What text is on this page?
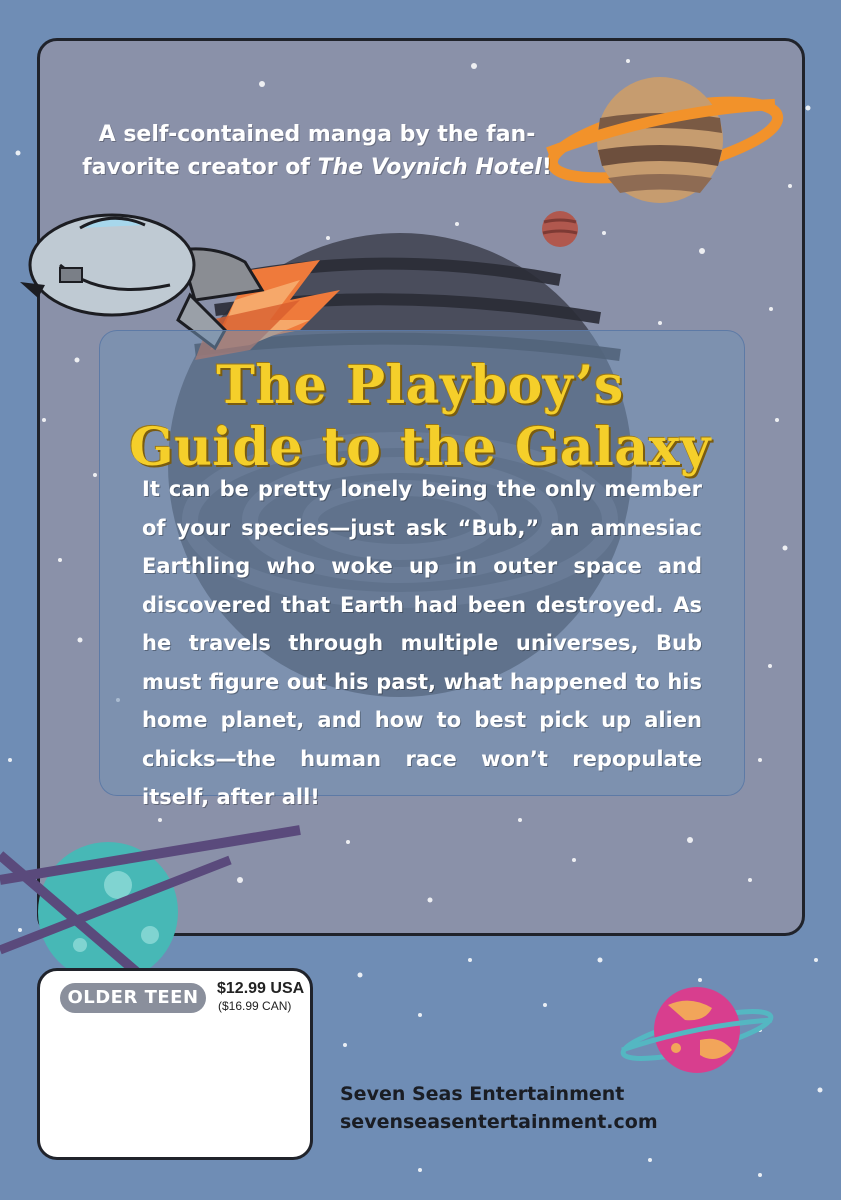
A self-contained manga by the fan-favorite creator of The Voynich Hotel!
The Playboy’s
Guide to the Galaxy
It can be pretty lonely being the only member of your species—just ask “Bub,” an amnesiac Earthling who woke up in outer space and discovered that Earth had been destroyed. As he travels through multiple universes, Bub must figure out his past, what happened to his home planet, and how to best pick up alien chicks—the human race won’t repopulate itself, after all!
OLDER TEEN	$12.99 USA
($16.99 CAN)
Seven Seas Entertainment
sevenseasentertainment.com
